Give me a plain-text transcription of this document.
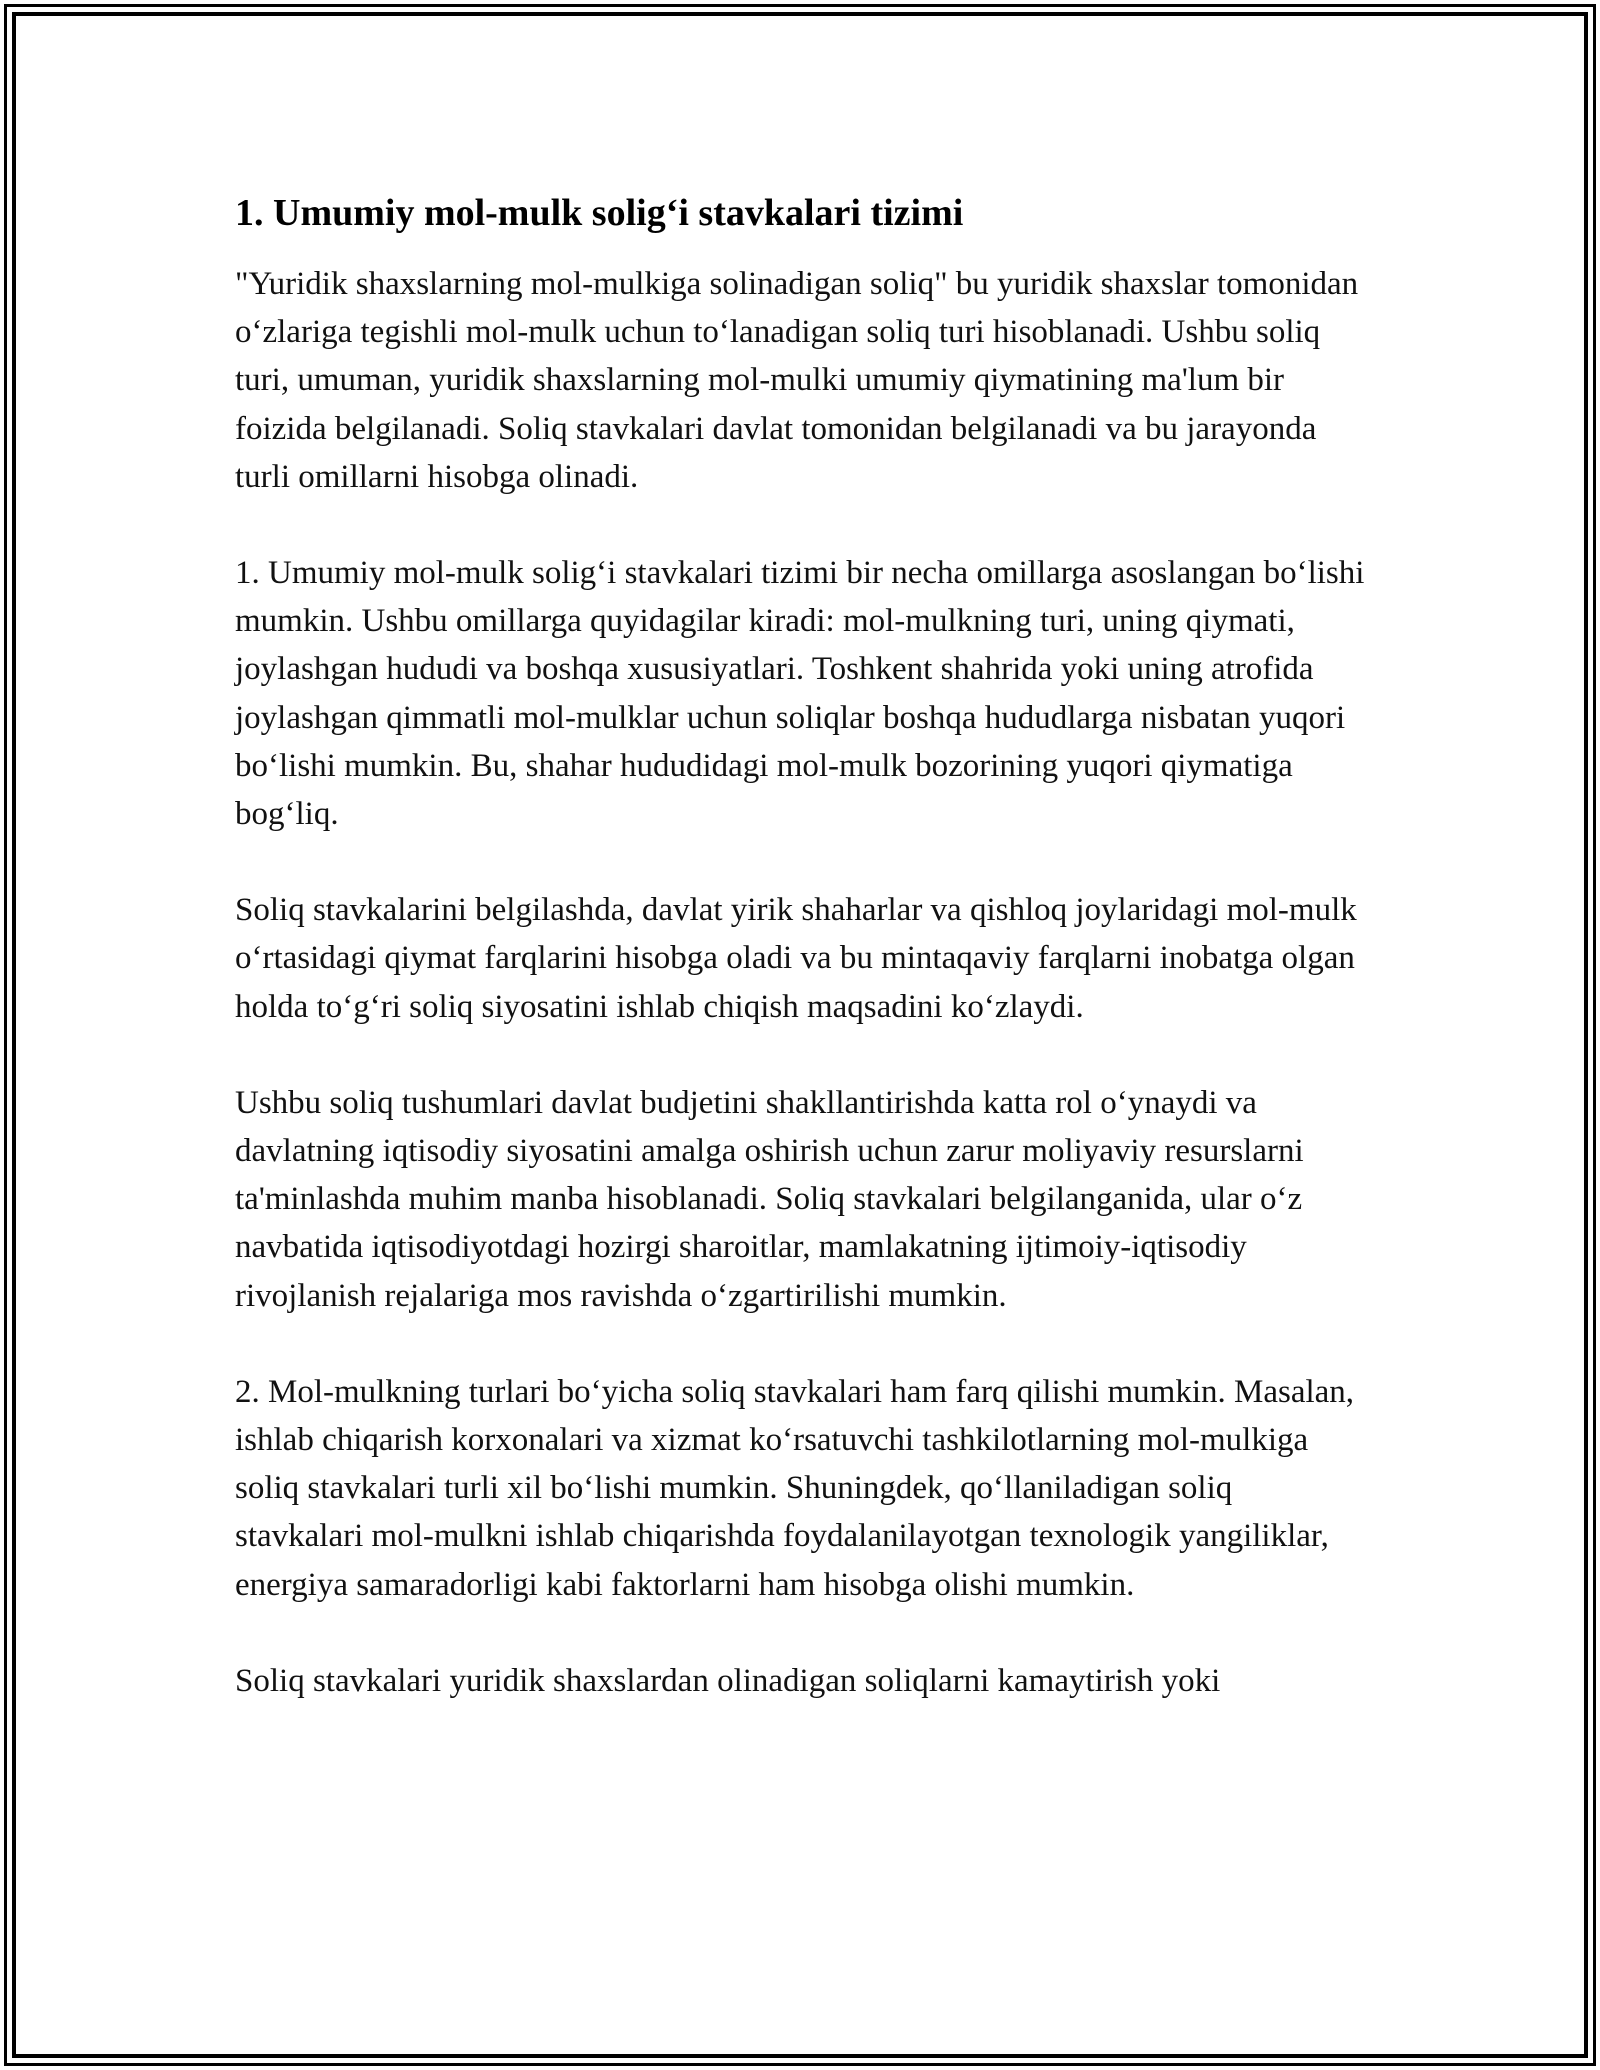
1. Umumiy mol-mulk solig‘i stavkalari tizimi

"Yuridik shaxslarning mol-mulkiga solinadigan soliq" bu yuridik shaxslar tomonidan o‘zlariga tegishli mol-mulk uchun to‘lanadigan soliq turi hisoblanadi. Ushbu soliq turi, umuman, yuridik shaxslarning mol-mulki umumiy qiymatining ma'lum bir foizida belgilanadi. Soliq stavkalari davlat tomonidan belgilanadi va bu jarayonda turli omillarni hisobga olinadi.

1. Umumiy mol-mulk solig‘i stavkalari tizimi bir necha omillarga asoslangan bo‘lishi mumkin. Ushbu omillarga quyidagilar kiradi: mol-mulkning turi, uning qiymati, joylashgan hududi va boshqa xususiyatlari. Toshkent shahrida yoki uning atrofida joylashgan qimmatli mol-mulklar uchun soliqlar boshqa hududlarga nisbatan yuqori bo‘lishi mumkin. Bu, shahar hududidagi mol-mulk bozorining yuqori qiymatiga bog‘liq.

Soliq stavkalarini belgilashda, davlat yirik shaharlar va qishloq joylaridagi mol-mulk o‘rtasidagi qiymat farqlarini hisobga oladi va bu mintaqaviy farqlarni inobatga olgan holda to‘g‘ri soliq siyosatini ishlab chiqish maqsadini ko‘zlaydi.

Ushbu soliq tushumlari davlat budjetini shakllantirishda katta rol o‘ynaydi va davlatning iqtisodiy siyosatini amalga oshirish uchun zarur moliyaviy resurslarni ta'minlashda muhim manba hisoblanadi. Soliq stavkalari belgilanganida, ular o‘z navbatida iqtisodiyotdagi hozirgi sharoitlar, mamlakatning ijtimoiy-iqtisodiy rivojlanish rejalariga mos ravishda o‘zgartirilishi mumkin.

2. Mol-mulkning turlari bo‘yicha soliq stavkalari ham farq qilishi mumkin. Masalan, ishlab chiqarish korxonalari va xizmat ko‘rsatuvchi tashkilotlarning mol-mulkiga soliq stavkalari turli xil bo‘lishi mumkin. Shuningdek, qo‘llaniladigan soliq stavkalari mol-mulkni ishlab chiqarishda foydalanilayotgan texnologik yangiliklar, energiya samaradorligi kabi faktorlarni ham hisobga olishi mumkin.

Soliq stavkalari yuridik shaxslardan olinadigan soliqlarni kamaytirish yoki
